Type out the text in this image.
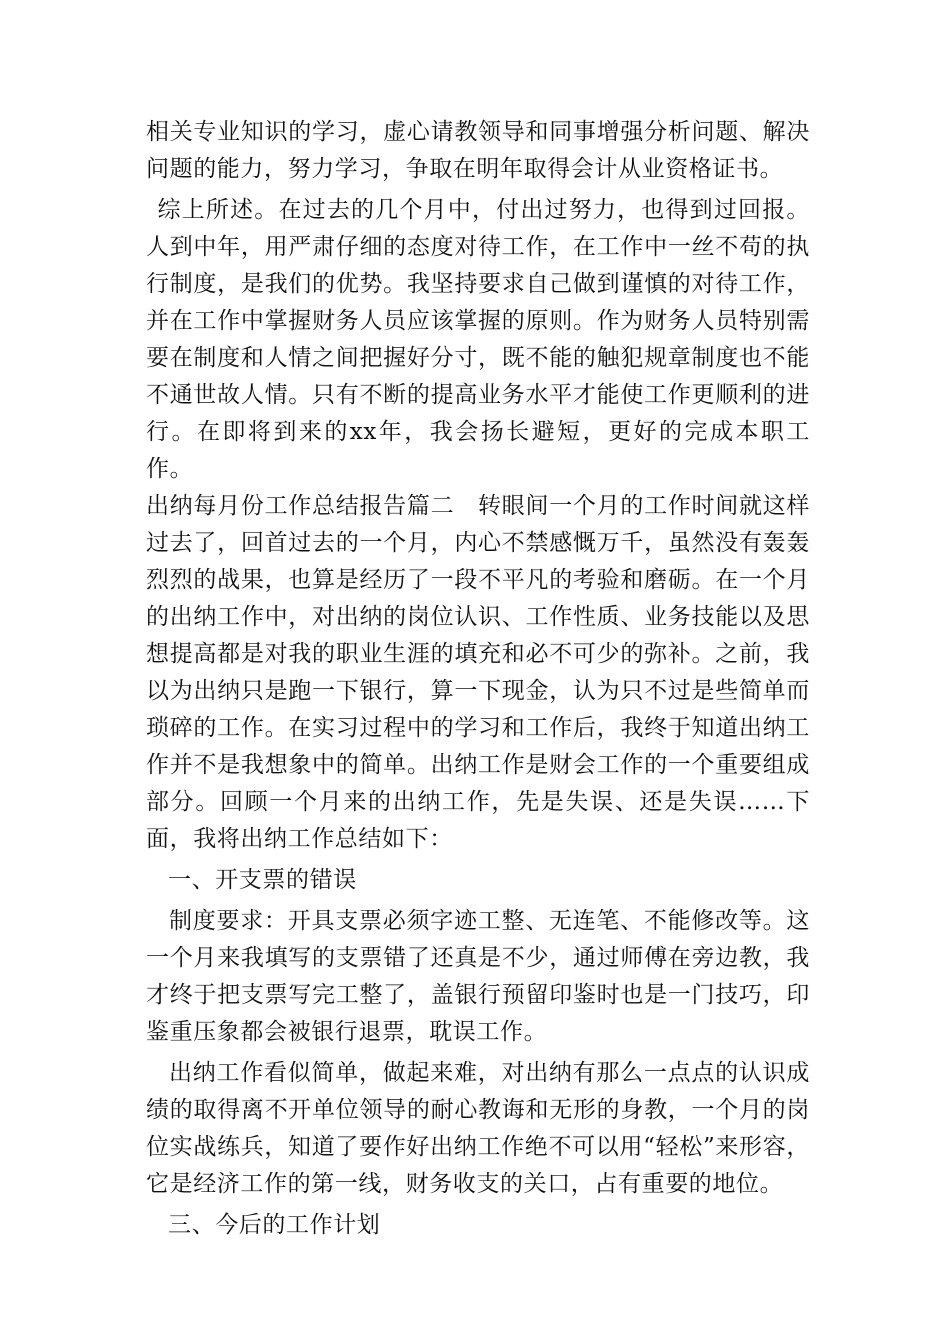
相关专业知识的学习，虚心请教领导和同事增强分析问题、解决问题的能力，努力学习，争取在明年取得会计从业资格证书。

综上所述。在过去的几个月中，付出过努力，也得到过回报。人到中年，用严肃仔细的态度对待工作，在工作中一丝不苟的执行制度，是我们的优势。我坚持要求自己做到谨慎的对待工作，并在工作中掌握财务人员应该掌握的原则。作为财务人员特别需要在制度和人情之间把握好分寸，既不能的触犯规章制度也不能不通世故人情。只有不断的提高业务水平才能使工作更顺利的进行。在即将到来的xx年，我会扬长避短，更好的完成本职工作。

出纳每月份工作总结报告篇二　转眼间一个月的工作时间就这样过去了，回首过去的一个月，内心不禁感慨万千，虽然没有轰轰烈烈的战果，也算是经历了一段不平凡的考验和磨砺。在一个月的出纳工作中，对出纳的岗位认识、工作性质、业务技能以及思想提高都是对我的职业生涯的填充和必不可少的弥补。之前，我以为出纳只是跑一下银行，算一下现金，认为只不过是些简单而琐碎的工作。在实习过程中的学习和工作后，我终于知道出纳工作并不是我想象中的简单。出纳工作是财会工作的一个重要组成部分。回顾一个月来的出纳工作，先是失误、还是失误……下面，我将出纳工作总结如下：

一、开支票的错误

制度要求：开具支票必须字迹工整、无连笔、不能修改等。这一个月来我填写的支票错了还真是不少，通过师傅在旁边教，我才终于把支票写完工整了，盖银行预留印鉴时也是一门技巧，印鉴重压象都会被银行退票，耽误工作。

出纳工作看似简单，做起来难，对出纳有那么一点点的认识成绩的取得离不开单位领导的耐心教诲和无形的身教，一个月的岗位实战练兵，知道了要作好出纳工作绝不可以用“轻松”来形容，它是经济工作的第一线，财务收支的关口，占有重要的地位。

三、今后的工作计划
